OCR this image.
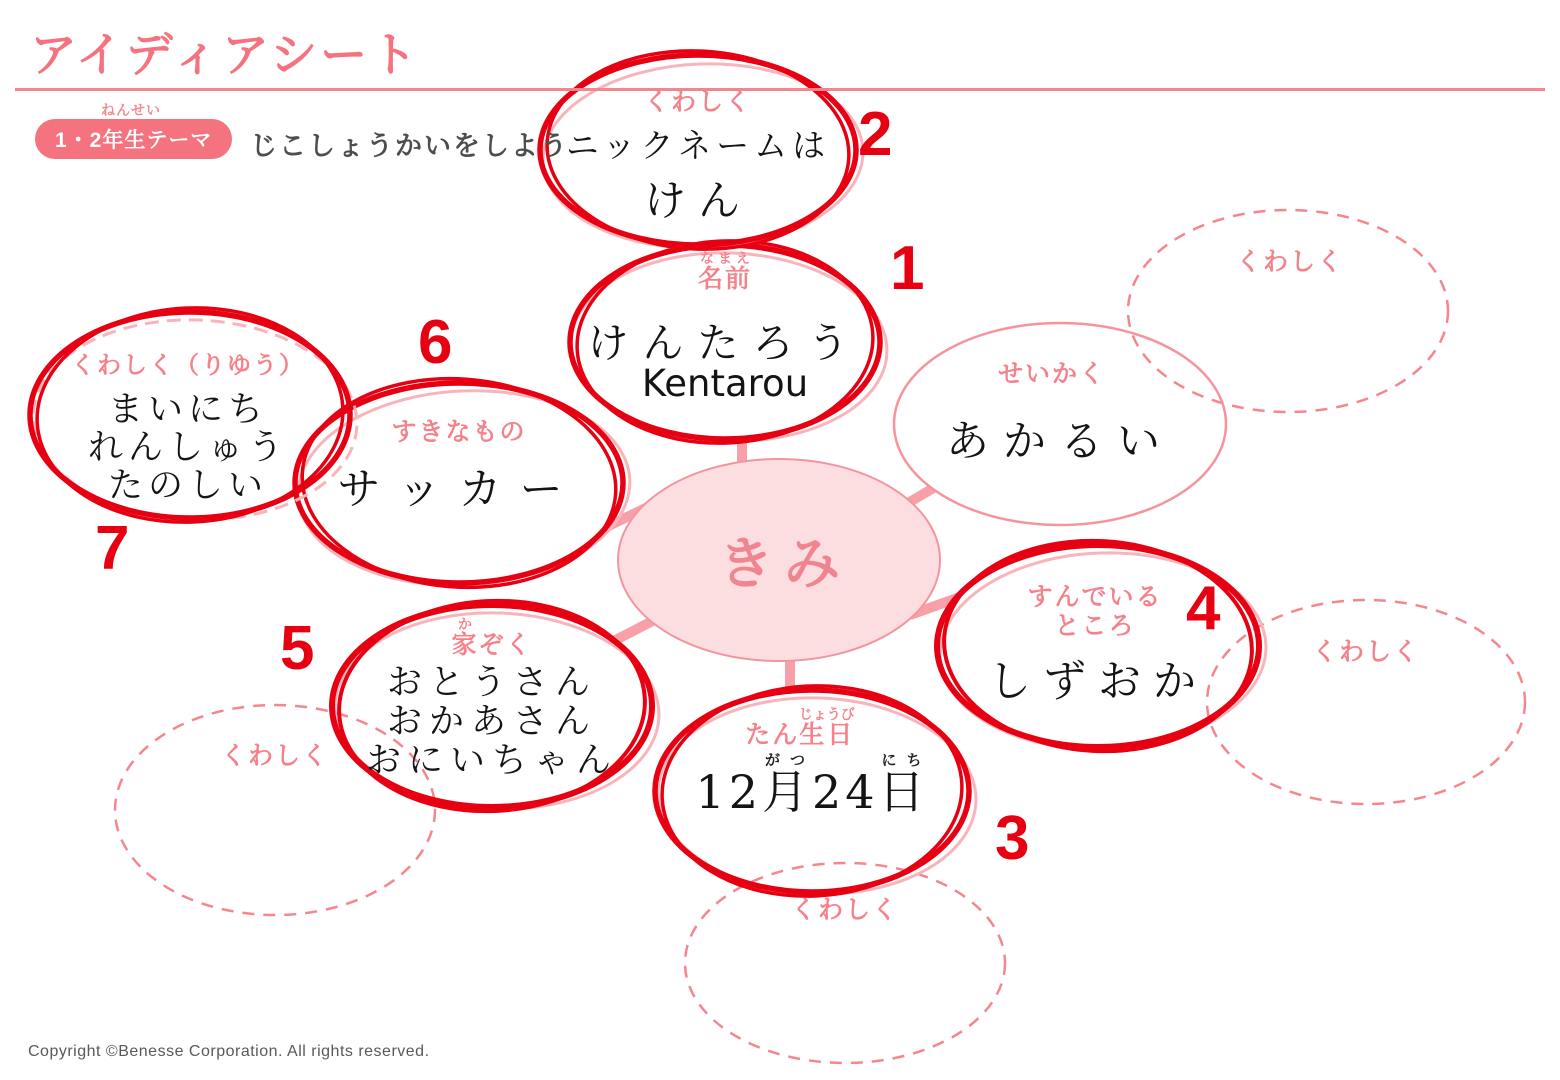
アイディアシート
1・2年生テーマ
ねんせい
じこしょうかいをしよう
きみ
くわしく
ニックネームは
けん
2
名前なまえ
けんたろう
Kentarou
1
せいかく
あかるい
すんでいる
ところ
しずおか
4
たん生日じょうび
12月がつ24日にち
3
家かぞく
おとうさん
おかあさん
おにいちゃん
5
すきなもの
サッカー
6
くわしく（りゆう）
まいにち
れんしゅう
たのしい
7
くわしく
くわしく
くわしく
くわしく
Copyright ©Benesse Corporation. All rights reserved.
